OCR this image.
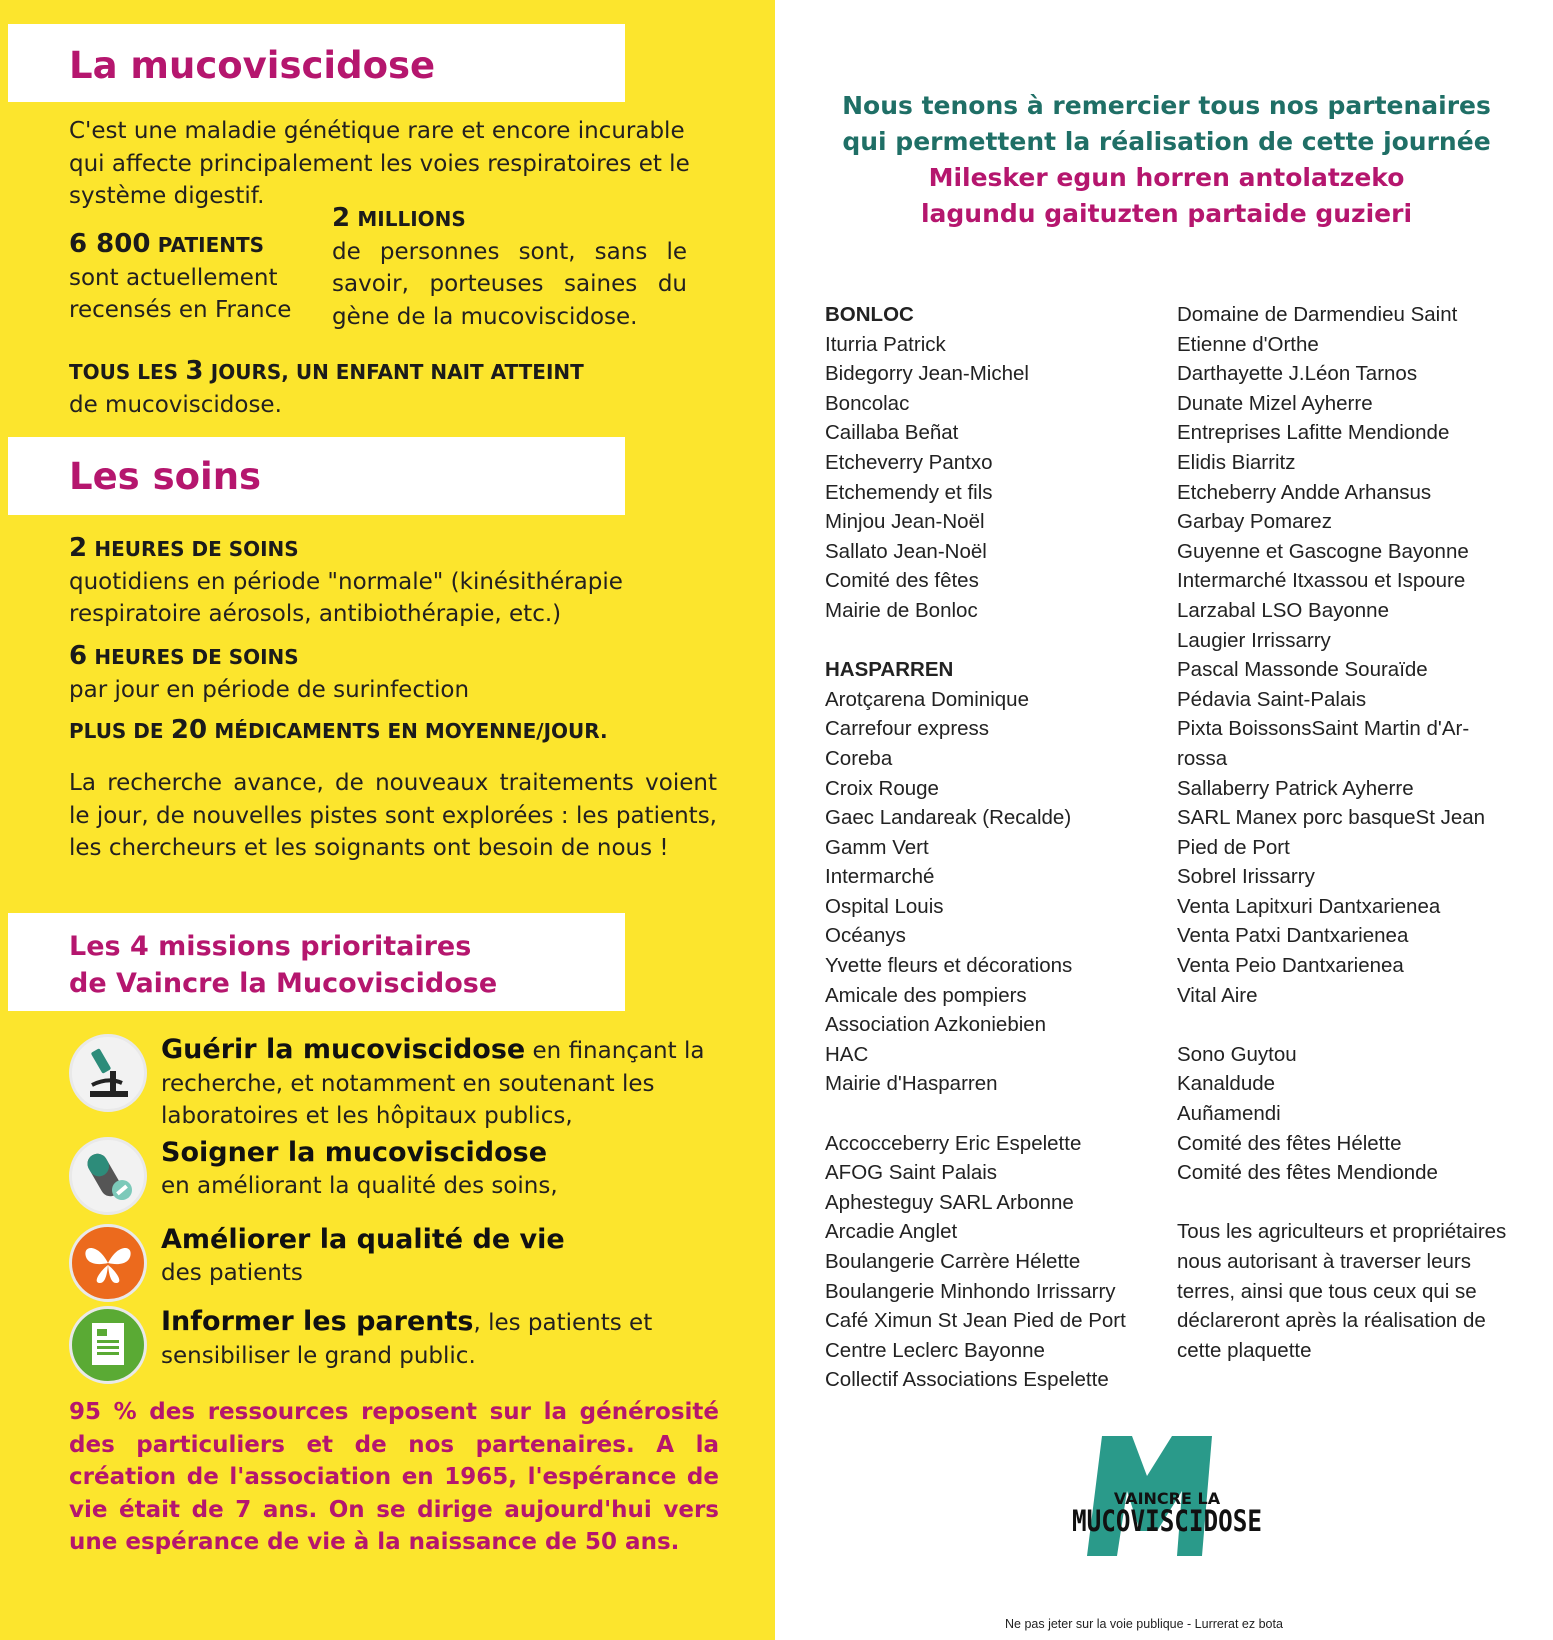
La mucoviscidose

C'est une maladie génétique rare et encore incurable qui affecte principalement les voies respiratoires et le système digestif.

6 800 PATIENTS
sont actuellement recensés en France
2 MILLIONS
de personnes sont, sans le savoir, porteuses saines du gène de la mucoviscidose.
TOUS LES 3 JOURS, UN ENFANT NAIT ATTEINT
de mucoviscidose.
Les soins
2 HEURES DE SOINS
quotidiens en période "normale" (kinésithérapie respiratoire aérosols, antibiothérapie, etc.)
6 HEURES DE SOINS
par jour en période de surinfection
PLUS DE 20 MÉDICAMENTS EN MOYENNE/JOUR.

La recherche avance, de nouveaux traitements voient le jour, de nouvelles pistes sont explorées : les patients, les chercheurs et les soignants ont besoin de nous !

Les 4 missions prioritaires
de Vaincre la Mucoviscidose
Guérir la mucoviscidose en finançant la recherche, et notamment en soutenant les laboratoires et les hôpitaux publics,
Soigner la mucoviscidose
en améliorant la qualité des soins,
Améliorer la qualité de vie
des patients
Informer les parents, les patients et sensibiliser le grand public.

95 % des ressources reposent sur la générosité des particuliers et de nos partenaires. A la création de l'association en 1965, l'espérance de vie était de 7 ans. On se dirige aujourd'hui vers une espérance de vie à la naissance de 50 ans.

Nous tenons à remercier tous nos partenaires
qui permettent la réalisation de cette journée
Milesker egun horren antolatzeko
lagundu gaituzten partaide guzieri
BONLOC
Iturria Patrick
Bidegorry Jean-Michel
Boncolac
Caillaba Beñat
Etcheverry Pantxo
Etchemendy et fils
Minjou Jean-Noël
Sallato Jean-Noël
Comité des fêtes
Mairie de Bonloc
HASPARREN
Arotçarena Dominique
Carrefour express
Coreba
Croix Rouge
Gaec Landareak (Recalde)
Gamm Vert
Intermarché
Ospital Louis
Océanys
Yvette fleurs et décorations
Amicale des pompiers
Association Azkoniebien
HAC
Mairie d'Hasparren
Accocceberry Eric Espelette
AFOG Saint Palais
Aphesteguy SARL Arbonne
Arcadie Anglet
Boulangerie Carrère Hélette
Boulangerie Minhondo Irrissarry
Café Ximun St Jean Pied de Port
Centre Leclerc Bayonne
Collectif Associations Espelette
Domaine de Darmendieu Saint
Etienne d'Orthe
Darthayette J.Léon Tarnos
Dunate Mizel Ayherre
Entreprises Lafitte Mendionde
Elidis Biarritz
Etcheberry Andde Arhansus
Garbay Pomarez
Guyenne et Gascogne Bayonne
Intermarché Itxassou et Ispoure
Larzabal LSO Bayonne
Laugier Irrissarry
Pascal Massonde Souraïde
Pédavia Saint-Palais
Pixta BoissonsSaint Martin d'Ar-
rossa
Sallaberry Patrick Ayherre
SARL Manex porc basqueSt Jean
Pied de Port
Sobrel Irissarry
Venta Lapitxuri Dantxarienea
Venta Patxi Dantxarienea
Venta Peio Dantxarienea
Vital Aire
Sono Guytou
Kanaldude
Auñamendi
Comité des fêtes Hélette
Comité des fêtes Mendionde
Tous les agriculteurs et propriétaires
nous autorisant à traverser leurs
terres, ainsi que tous ceux qui se
déclareront après la réalisation de
cette plaquette
VAINCRE LA
MUCOVISCIDOSE
Ne pas jeter sur la voie publique - Lurrerat ez bota
